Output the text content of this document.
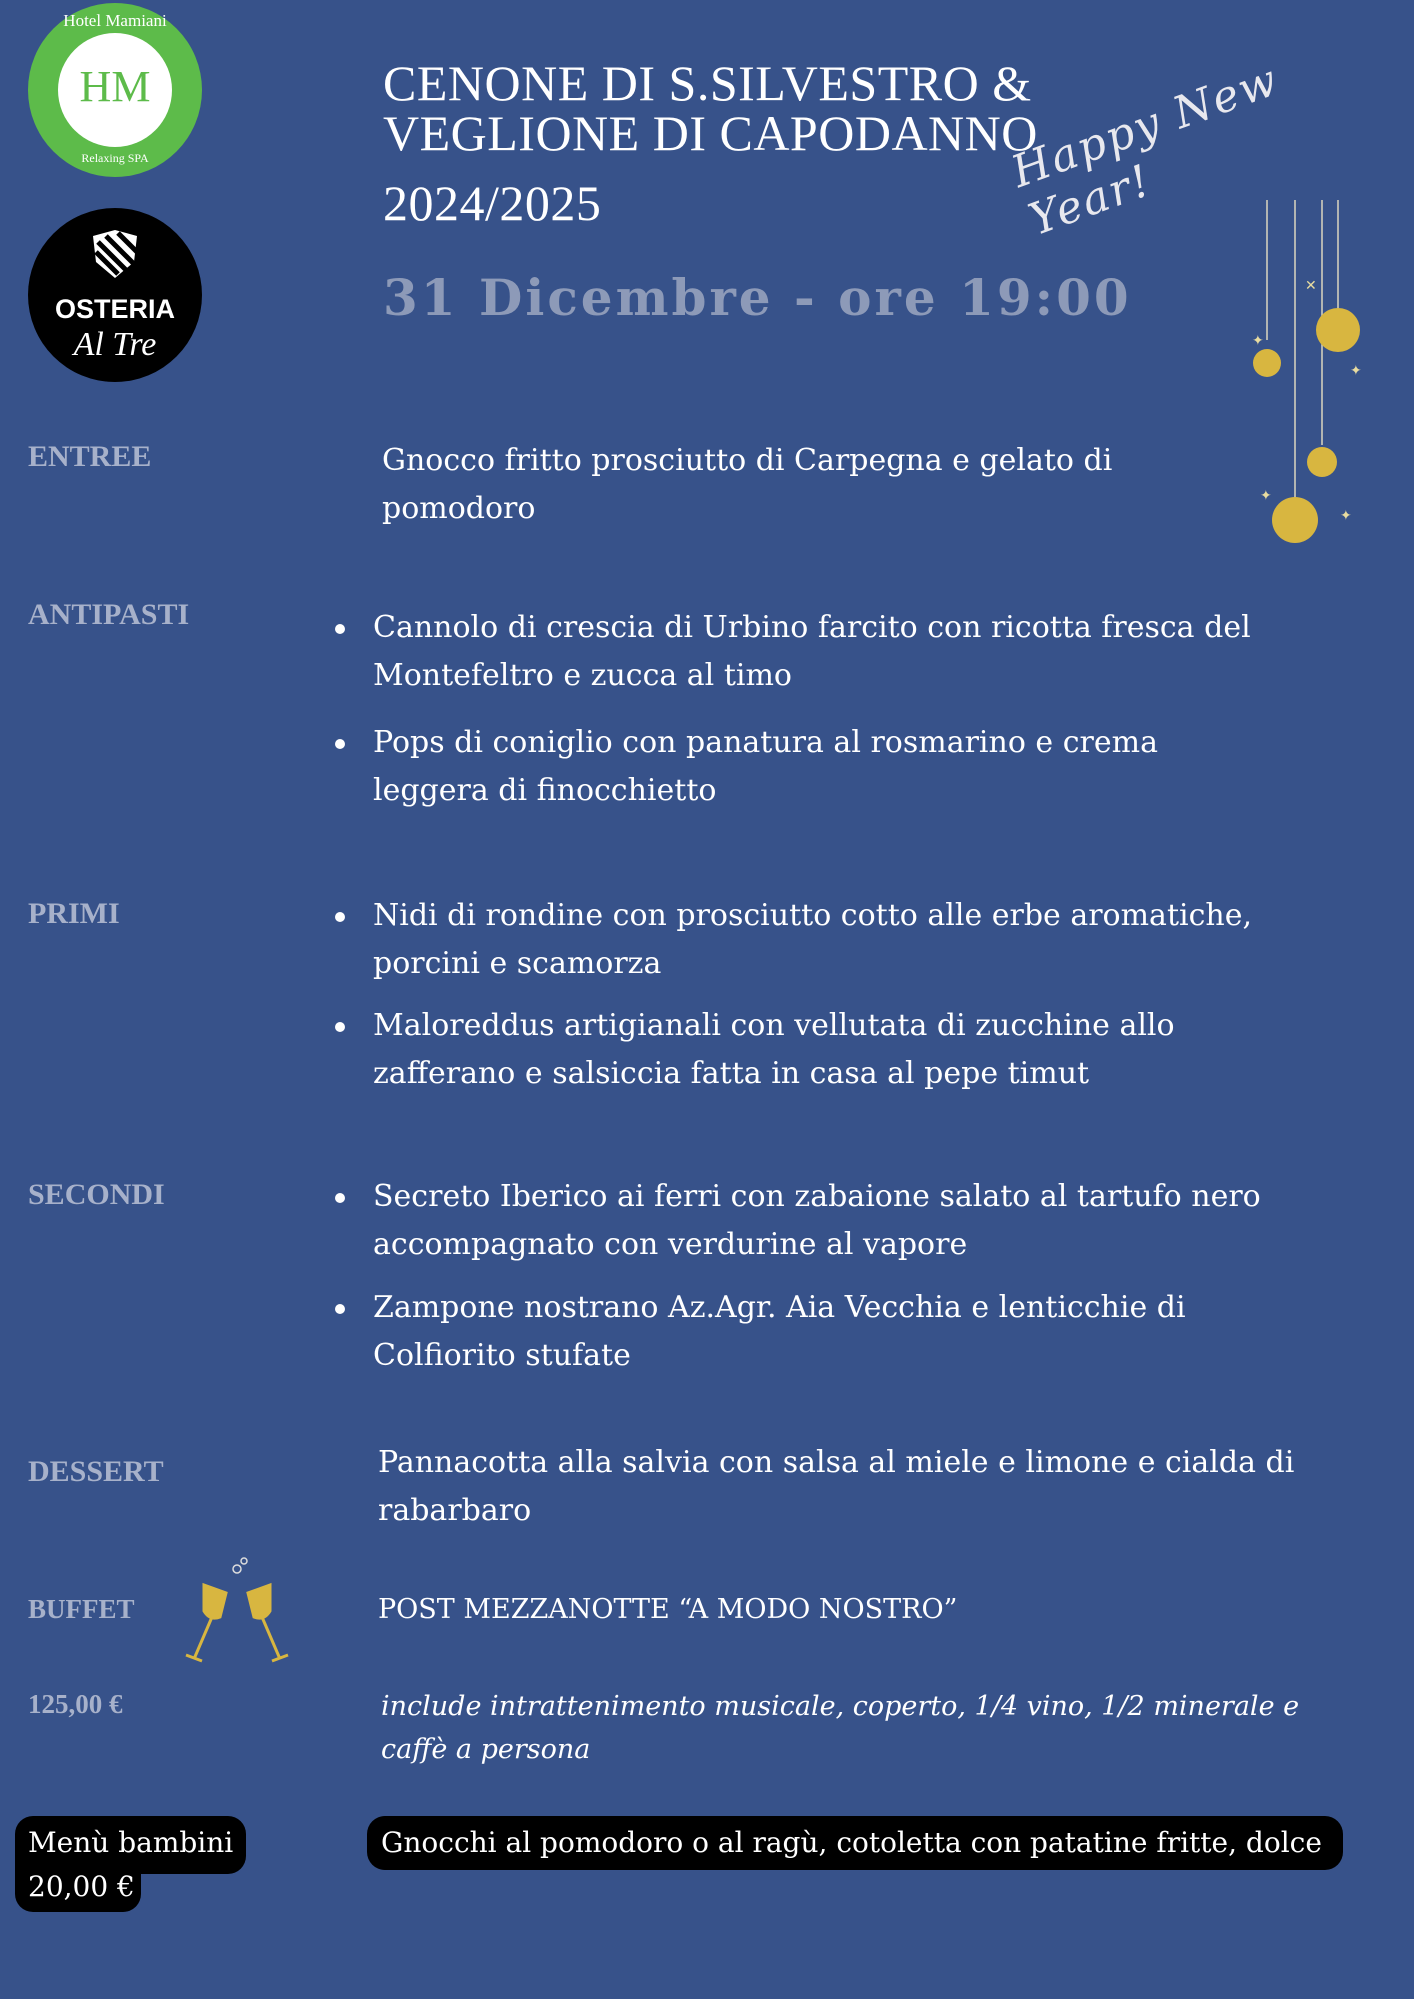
HM
Hotel Mamiani
Relaxing SPA
OSTERIA
Al Tre
CENONE DI S.SILVESTRO &
VEGLIONE DI CAPODANNO
2024/2025
31 Dicembre - ore 19:00
Happy New Year!
✦
✦
✦
✦
✕
ENTREE	Gnocco fritto prosciutto di Carpegna e gelato di pomodoro
ANTIPASTI	Cannolo di crescia di Urbino farcito con ricotta fresca del Montefeltro e zucca al timo
Pops di coniglio con panatura al rosmarino e crema leggera di finocchietto
PRIMI	Nidi di rondine con prosciutto cotto alle erbe aromatiche, porcini e scamorza
Maloreddus artigianali con vellutata di zucchine allo zafferano e salsiccia fatta in casa al pepe timut
SECONDI	Secreto Iberico ai ferri con zabaione salato al tartufo nero accompagnato con verdurine al vapore
Zampone nostrano Az.Agr. Aia Vecchia e lenticchie di Colfiorito stufate
DESSERT	Pannacotta alla salvia con salsa al miele e limone e cialda di rabarbaro
BUFFET	POST MEZZANOTTE “A MODO NOSTRO”
125,00 €	include intrattenimento musicale, coperto, 1/4 vino, 1/2 minerale e caffè a persona
Menù bambini
20,00 €
Gnocchi al pomodoro o al ragù, cotoletta con patatine fritte, dolce
